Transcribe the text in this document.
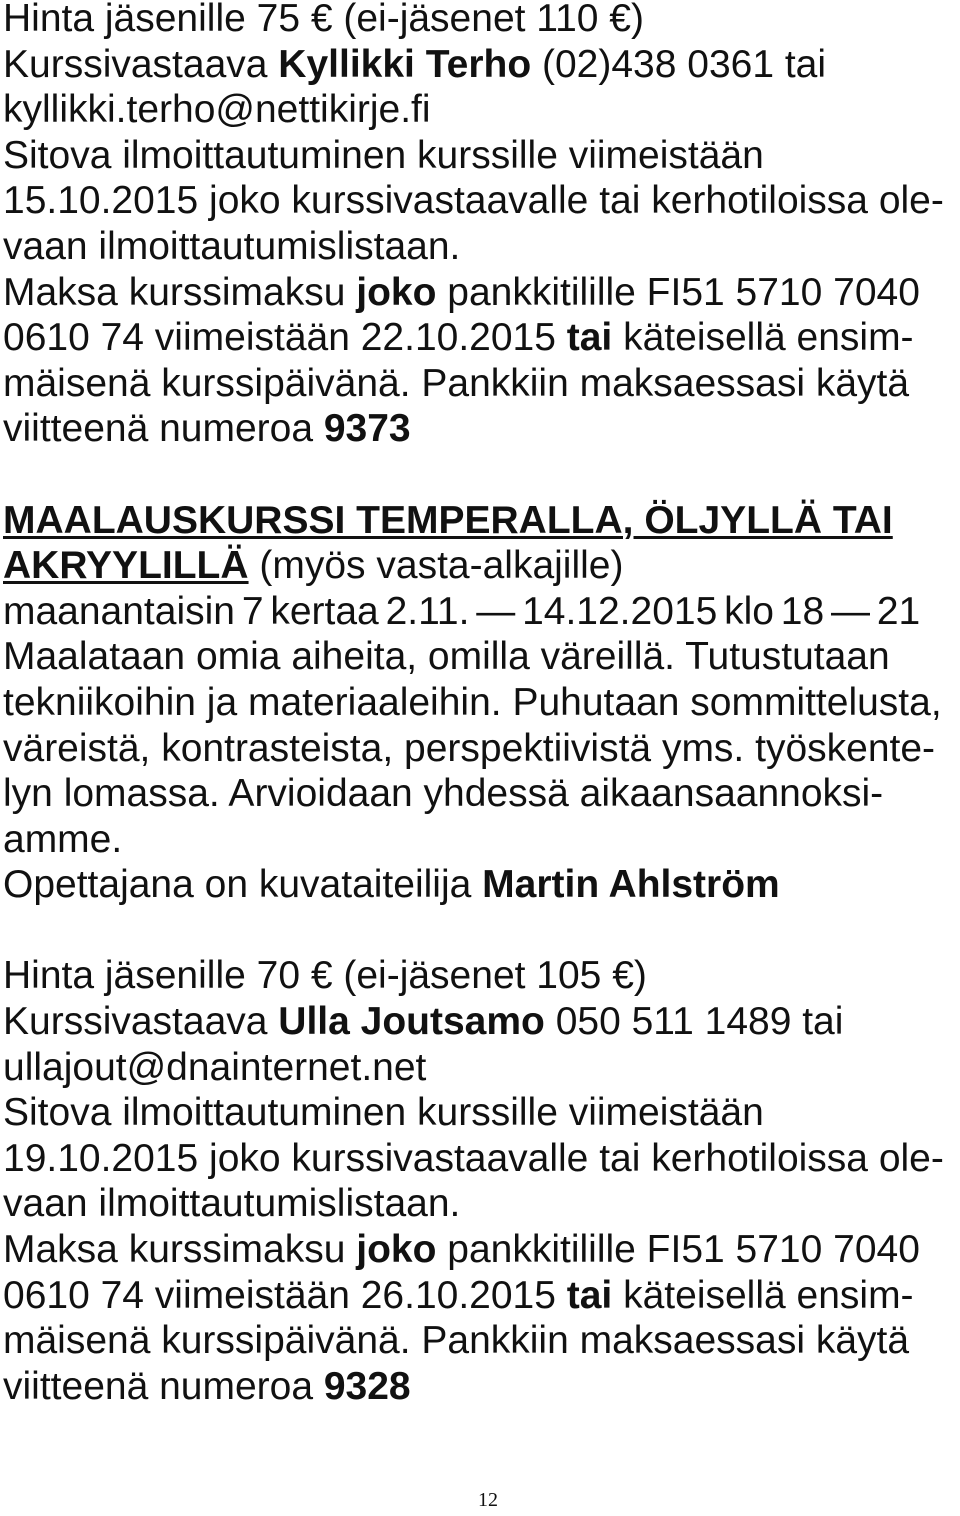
Hinta jäsenille 75 € (ei-jäsenet 110 €)
Kurssivastaava Kyllikki Terho (02)438 0361 tai
kyllikki.terho@nettikirje.fi
Sitova ilmoittautuminen kurssille viimeistään
15.10.2015 joko kurssivastaavalle tai kerhotiloissa ole-
vaan ilmoittautumislistaan.
Maksa kurssimaksu joko pankkitilille FI51 5710 7040
0610 74 viimeistään 22.10.2015 tai käteisellä ensim-
mäisenä kurssipäivänä. Pankkiin maksaessasi käytä
viitteenä numeroa 9373
MAALAUSKURSSI TEMPERALLA, ÖLJYLLÄ TAI
AKRYYLILLÄ (myös vasta-alkajille)
maanantaisin 7 kertaa 2.11. — 14.12.2015 klo 18 — 21
Maalataan omia aiheita, omilla väreillä. Tutustutaan
tekniikoihin ja materiaaleihin. Puhutaan sommittelusta,
väreistä, kontrasteista, perspektiivistä yms. työskente-
lyn lomassa. Arvioidaan yhdessä aikaansaannoksi-
amme.
Opettajana on kuvataiteilija Martin Ahlström
Hinta jäsenille 70 € (ei-jäsenet 105 €)
Kurssivastaava Ulla Joutsamo 050 511 1489 tai
ullajout@dnainternet.net
Sitova ilmoittautuminen kurssille viimeistään
19.10.2015 joko kurssivastaavalle tai kerhotiloissa ole-
vaan ilmoittautumislistaan.
Maksa kurssimaksu joko pankkitilille FI51 5710 7040
0610 74 viimeistään 26.10.2015 tai käteisellä ensim-
mäisenä kurssipäivänä. Pankkiin maksaessasi käytä
viitteenä numeroa 9328
12
